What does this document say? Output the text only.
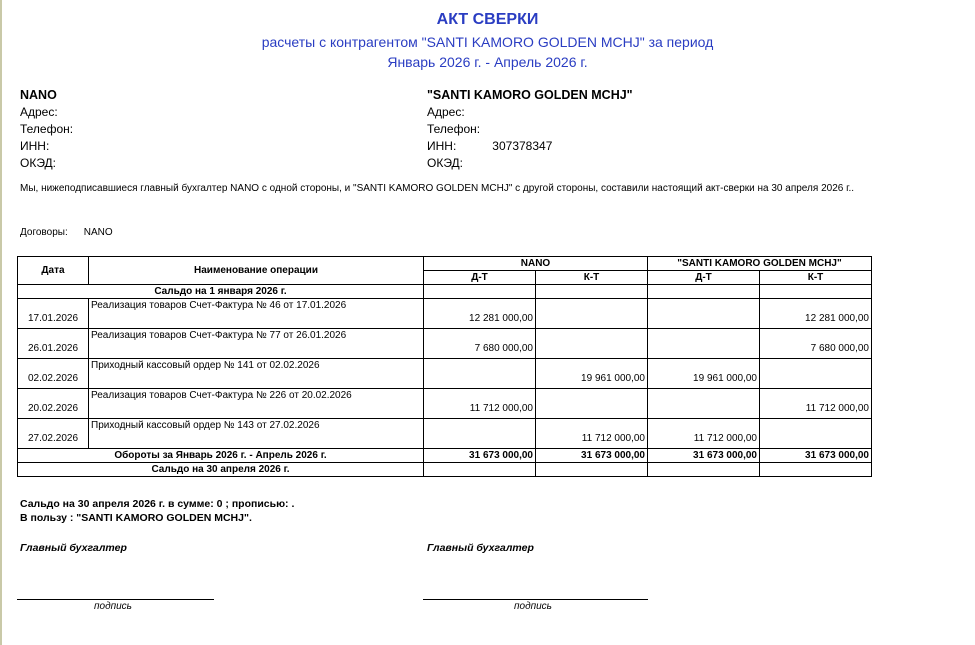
АКТ СВЕРКИ
расчеты с контрагентом "SANTI KAMORO GOLDEN MCHJ" за период
Январь 2026 г. - Апрель 2026 г.
NANO
Адрес:
Телефон:
ИНН:
ОКЭД:
"SANTI KAMORO GOLDEN MCHJ"
Адрес:
Телефон:
ИНН:	307378347
ОКЭД:
Мы, нижеподписавшиеся главный бухгалтер NANO с одной стороны, и "SANTI KAMORO GOLDEN MCHJ" с другой стороны, составили настоящий акт-сверки на 30 апреля 2026 г..
Договоры: NANO
Дата	Наименование операции	NANO		"SANTI KAMORO GOLDEN MCHJ"	
		Д-Т	К-Т	Д-Т	К-Т
Сальдо на 1 января 2026 г.					
17.01.2026	Реализация товаров Счет-Фактура № 46 от 17.01.2026	12 281 000,00			12 281 000,00
26.01.2026	Реализация товаров Счет-Фактура № 77 от 26.01.2026	7 680 000,00			7 680 000,00
02.02.2026	Приходный кассовый ордер № 141 от 02.02.2026		19 961 000,00	19 961 000,00	
20.02.2026	Реализация товаров Счет-Фактура № 226 от 20.02.2026	11 712 000,00			11 712 000,00
27.02.2026	Приходный кассовый ордер № 143 от 27.02.2026		11 712 000,00	11 712 000,00	
Обороты за Январь 2026 г. - Апрель 2026 г.		31 673 000,00	31 673 000,00	31 673 000,00	31 673 000,00
Сальдо на 30 апреля 2026 г.					
Сальдо на 30 апреля 2026 г. в сумме: 0 ; прописью: .
В пользу : "SANTI KAMORO GOLDEN MCHJ".
Главный бухгалтер	Главный бухгалтер
подпись	подпись
